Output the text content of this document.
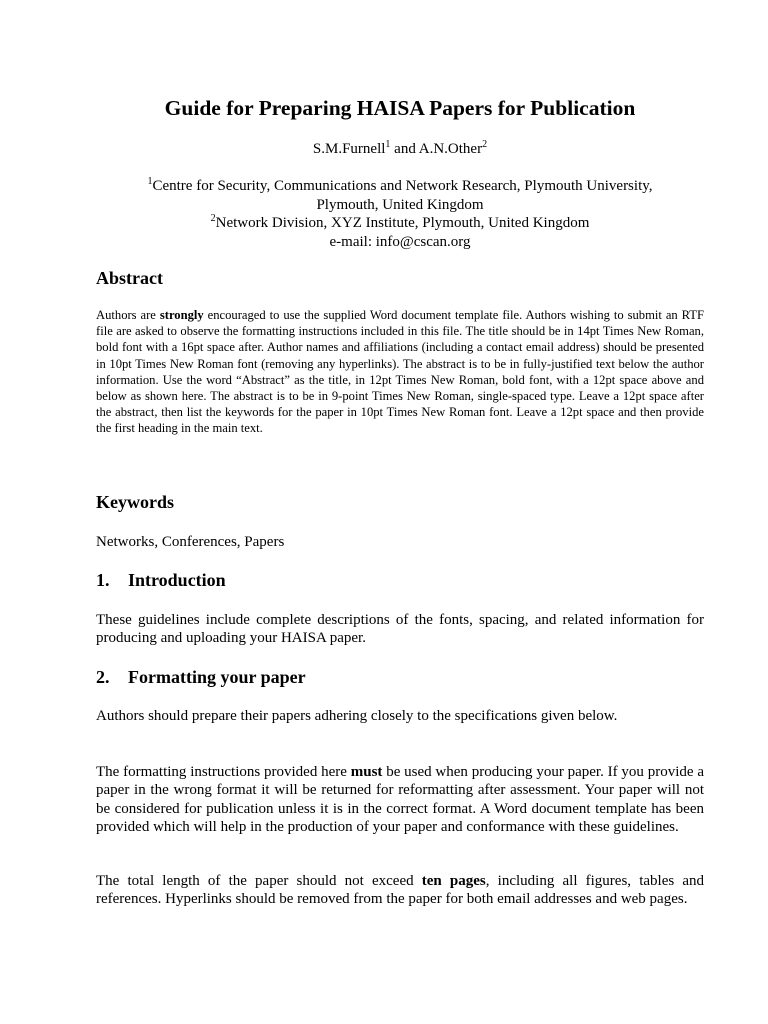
Guide for Preparing HAISA Papers for Publication

S.M.Furnell$^1$ and A.N.Other$^2$

$^1$Centre for Security, Communications and Network Research, Plymouth University,
Plymouth, United Kingdom
$^2$Network Division, XYZ Institute, Plymouth, United Kingdom
e-mail: info@cscan.org
Abstract

Authors are strongly encouraged to use the supplied Word document template file. Authors wishing to submit an RTF file are asked to observe the formatting instructions included in this file. The title should be in 14pt Times New Roman, bold font with a 16pt space after. Author names and affiliations (including a contact email address) should be presented in 10pt Times New Roman font (removing any hyperlinks). The abstract is to be in fully-justified text below the author information. Use the word “Abstract” as the title, in 12pt Times New Roman, bold font, with a 12pt space above and below as shown here. The abstract is to be in 9-point Times New Roman, single-spaced type. Leave a 12pt space after the abstract, then list the keywords for the paper in 10pt Times New Roman font. Leave a 12pt space and then provide the first heading in the main text.

Keywords

Networks, Conferences, Papers

1. Introduction

These guidelines include complete descriptions of the fonts, spacing, and related information for producing and uploading your HAISA paper.

2. Formatting your paper

Authors should prepare their papers adhering closely to the specifications given below.

The formatting instructions provided here must be used when producing your paper. If you provide a paper in the wrong format it will be returned for reformatting after assessment. Your paper will not be considered for publication unless it is in the correct format. A Word document template has been provided which will help in the production of your paper and conformance with these guidelines.

The total length of the paper should not exceed ten pages, including all figures, tables and references. Hyperlinks should be removed from the paper for both email addresses and web pages.
